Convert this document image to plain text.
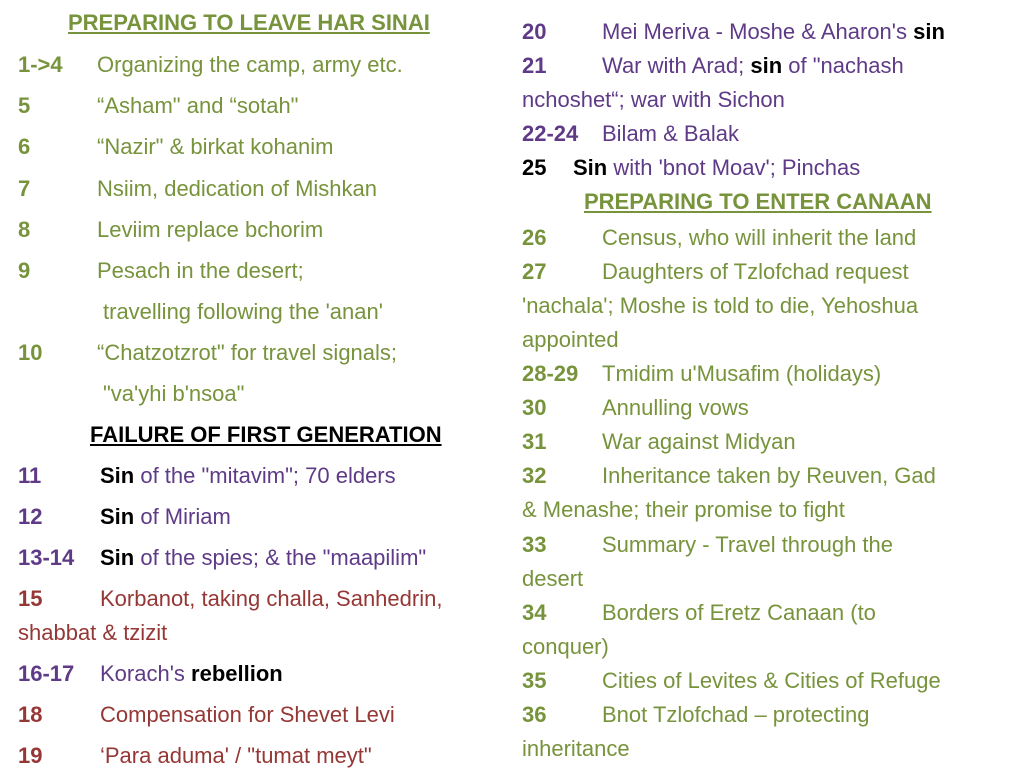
PREPARING TO LEAVE HAR SINAI
1->4 Organizing the camp, army etc.
5	“Asham" and “sotah"
6	“Nazir" & birkat kohanim
7	Nsiim, dedication of Mishkan
8	Leviim replace bchorim
9	Pesach in the desert;
travelling following the 'anan'
10 “Chatzotzrot" for travel signals;
"va'yhi b'nsoa"
FAILURE OF FIRST GENERATION
11	Sin of the "mitavim"; 70 elders
12	Sin of Miriam
13-14 Sin of the spies; & the "maapilim"
15	Korbanot, taking challa, Sanhedrin,
shabbat & tzizit
16-17 Korach's rebellion
18	Compensation for Shevet Levi
19	‘Para aduma' / "tumat meyt"
20	Mei Meriva - Moshe & Aharon's sin
21	War with Arad; sin of "nachash
nchoshet“; war with Sichon
22-24 Bilam & Balak
25 Sin with 'bnot Moav'; Pinchas
PREPARING TO ENTER CANAAN
26	Census, who will inherit the land
27	Daughters of Tzlofchad request
'nachala'; Moshe is told to die, Yehoshua
appointed
28-29 Tmidim u'Musafim (holidays)
30	Annulling vows
31	War against Midyan
32	Inheritance taken by Reuven, Gad
& Menashe; their promise to fight
33	Summary - Travel through the
desert
34	Borders of Eretz Canaan (to
conquer)
35	Cities of Levites & Cities of Refuge
36	Bnot Tzlofchad – protecting
inheritance
